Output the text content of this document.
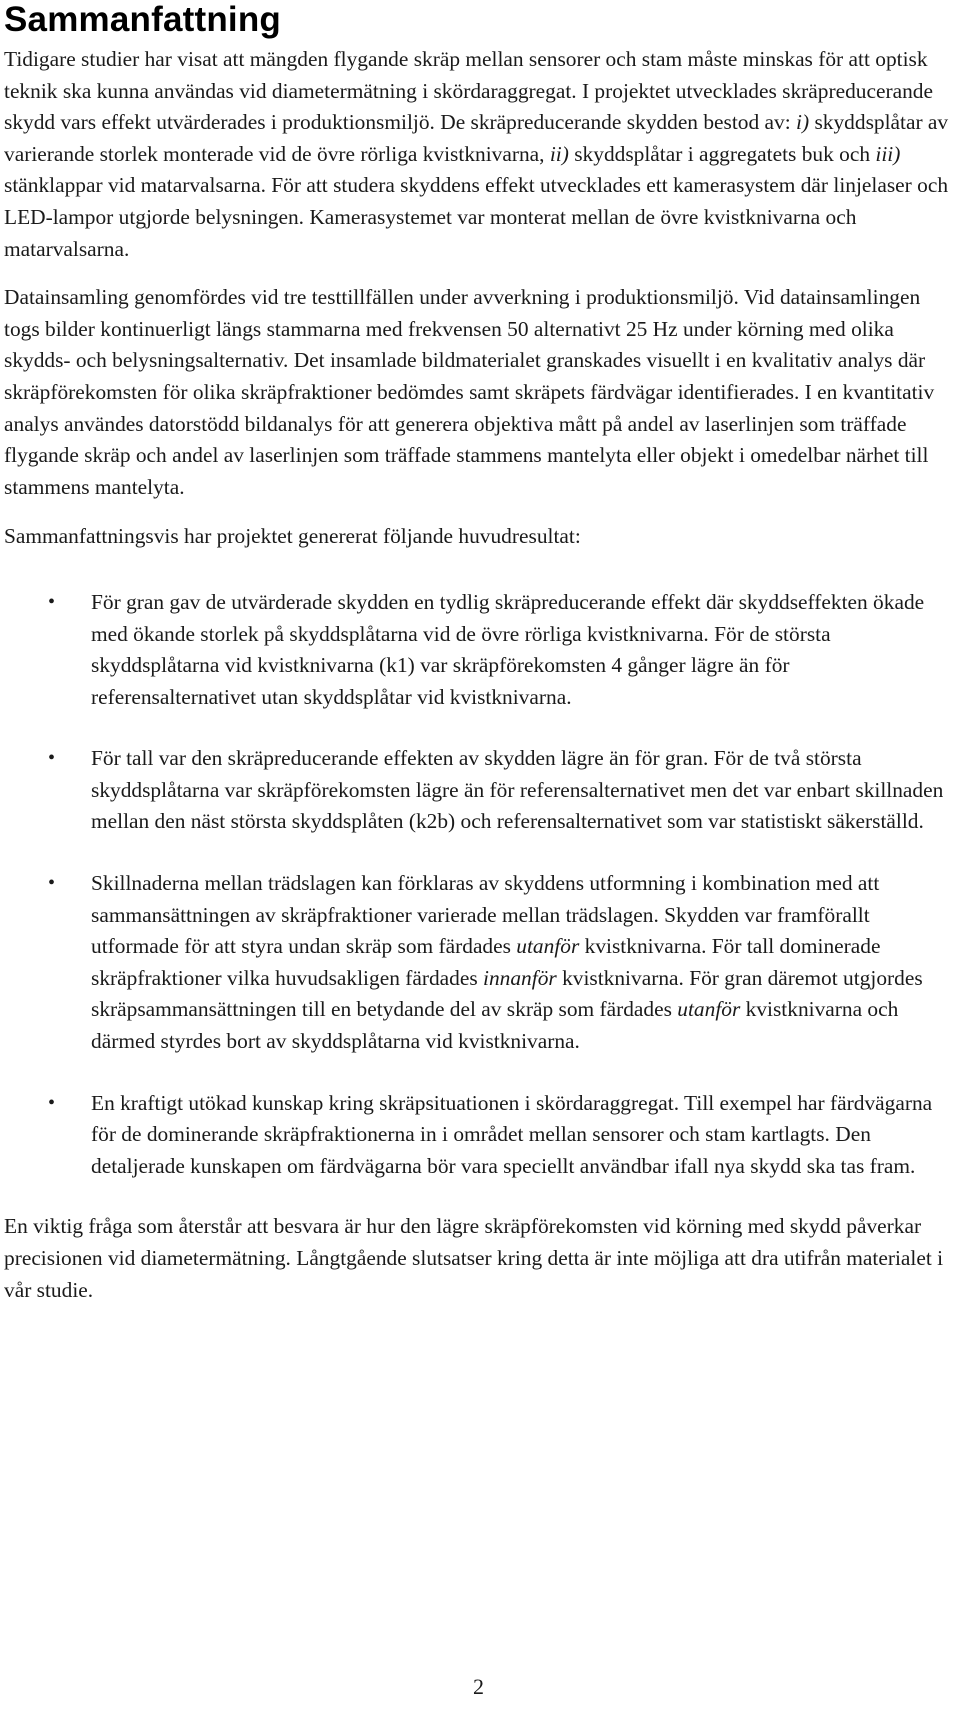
Sammanfattning

Tidigare studier har visat att mängden flygande skräp mellan sensorer och stam måste minskas för att optisk teknik ska kunna användas vid diametermätning i skördaraggregat. I projektet utvecklades skräpreducerande skydd vars effekt utvärderades i produktionsmiljö. De skräpreducerande skydden bestod av: i) skyddsplåtar av varierande storlek monterade vid de övre rörliga kvistknivarna, ii) skyddsplåtar i aggregatets buk och iii) stänklappar vid matarvalsarna. För att studera skyddens effekt utvecklades ett kamerasystem där linjelaser och LED-lampor utgjorde belysningen. Kamerasystemet var monterat mellan de övre kvistknivarna och matarvalsarna.

Datainsamling genomfördes vid tre testtillfällen under avverkning i produktionsmiljö. Vid datainsamlingen togs bilder kontinuerligt längs stammarna med frekvensen 50 alternativt 25 Hz under körning med olika skydds- och belysningsalternativ. Det insamlade bildmaterialet granskades visuellt i en kvalitativ analys där skräpförekomsten för olika skräpfraktioner bedömdes samt skräpets färdvägar identifierades. I en kvantitativ analys användes datorstödd bildanalys för att generera objektiva mått på andel av laserlinjen som träffade flygande skräp och andel av laserlinjen som träffade stammens mantelyta eller objekt i omedelbar närhet till stammens mantelyta.

Sammanfattningsvis har projektet genererat följande huvudresultat:

• För gran gav de utvärderade skydden en tydlig skräpreducerande effekt där skyddseffekten ökade med ökande storlek på skyddsplåtarna vid de övre rörliga kvistknivarna. För de största skyddsplåtarna vid kvistknivarna (k1) var skräpförekomsten 4 gånger lägre än för referensalternativet utan skyddsplåtar vid kvistknivarna.
• För tall var den skräpreducerande effekten av skydden lägre än för gran. För de två största skyddsplåtarna var skräpförekomsten lägre än för referensalternativet men det var enbart skillnaden mellan den näst största skyddsplåten (k2b) och referensalternativet som var statistiskt säkerställd.
• Skillnaderna mellan trädslagen kan förklaras av skyddens utformning i kombination med att sammansättningen av skräpfraktioner varierade mellan trädslagen. Skydden var framförallt utformade för att styra undan skräp som färdades utanför kvistknivarna. För tall dominerade skräpfraktioner vilka huvudsakligen färdades innanför kvistknivarna. För gran däremot utgjordes skräpsammansättningen till en betydande del av skräp som färdades utanför kvistknivarna och därmed styrdes bort av skyddsplåtarna vid kvistknivarna.
• En kraftigt utökad kunskap kring skräpsituationen i skördaraggregat. Till exempel har färdvägarna för de dominerande skräpfraktionerna in i området mellan sensorer och stam kartlagts. Den detaljerade kunskapen om färdvägarna bör vara speciellt användbar ifall nya skydd ska tas fram.

En viktig fråga som återstår att besvara är hur den lägre skräpförekomsten vid körning med skydd påverkar precisionen vid diametermätning. Långtgående slutsatser kring detta är inte möjliga att dra utifrån materialet i vår studie.

2
